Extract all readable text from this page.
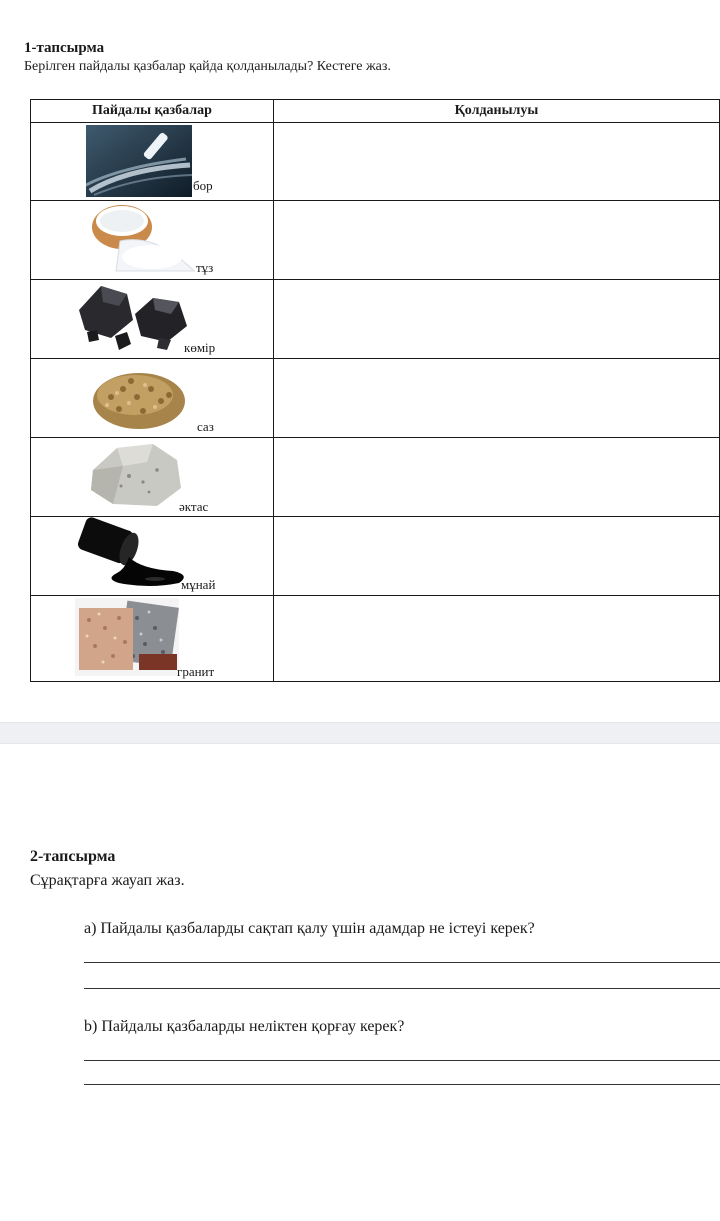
1-тапсырма
Берілген пайдалы қазбалар қайда қолданылады? Кестеге жаз.
Пайдалы қазбалар	Қолданылуы

бор	

тұз	

көмір	

саз	

әктас	

мұнай	

гранит	

2-тапсырма
Сұрақтарға жауап жаз.
a) Пайдалы қазбаларды сақтап қалу үшін адамдар не істеуі керек?
b) Пайдалы қазбаларды неліктен қорғау керек?
